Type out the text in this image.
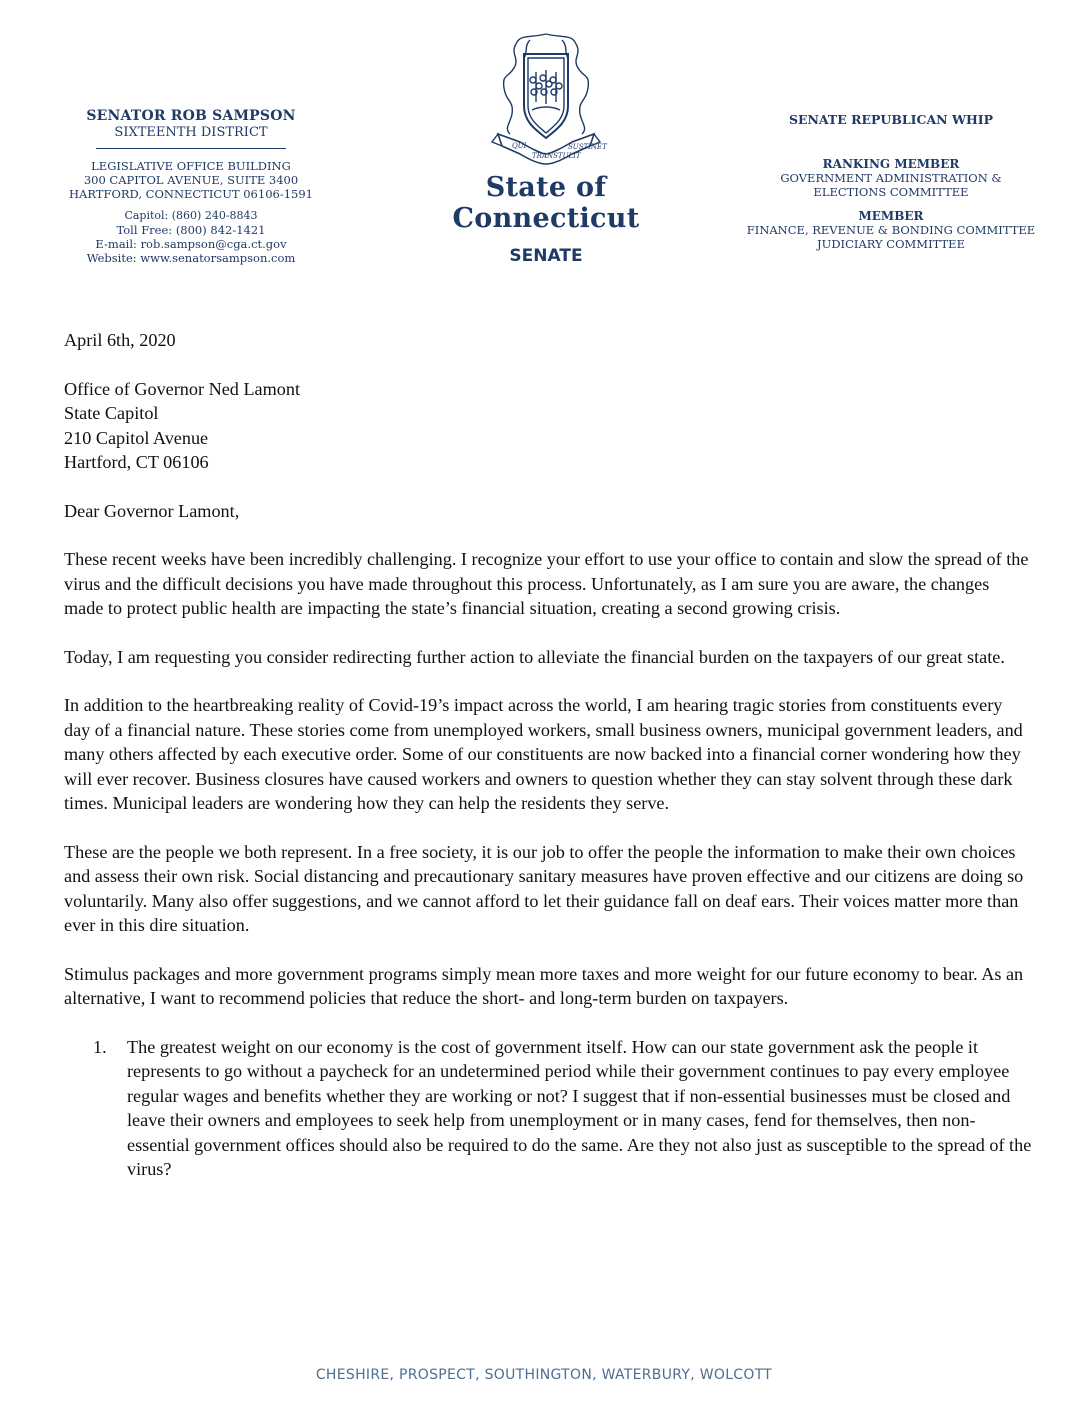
SENATOR ROB SAMPSON
SIXTEENTH DISTRICT
LEGISLATIVE OFFICE BUILDING
300 CAPITOL AVENUE, SUITE 3400
HARTFORD, CONNECTICUT 06106-1591
Capitol: (860) 240-8843
Toll Free: (800) 842-1421
E-mail: rob.sampson@cga.ct.gov
Website: www.senatorsampson.com
QUI
TRANSTULIT
SUSTINET
State of Connecticut
SENATE
SENATE REPUBLICAN WHIP
RANKING MEMBER
GOVERNMENT ADMINISTRATION &
ELECTIONS COMMITTEE
MEMBER
FINANCE, REVENUE & BONDING COMMITTEE
JUDICIARY COMMITTEE

April 6th, 2020

Office of Governor Ned Lamont

State Capitol

210 Capitol Avenue

Hartford, CT 06106

Dear Governor Lamont,

These recent weeks have been incredibly challenging. I recognize your effort to use your office to contain and slow the spread of the virus and the difficult decisions you have made throughout this process. Unfortunately, as I am sure you are aware, the changes made to protect public health are impacting the state’s financial situation, creating a second growing crisis.

Today, I am requesting you consider redirecting further action to alleviate the financial burden on the taxpayers of our great state.

In addition to the heartbreaking reality of Covid-19’s impact across the world, I am hearing tragic stories from constituents every day of a financial nature. These stories come from unemployed workers, small business owners, municipal government leaders, and many others affected by each executive order. Some of our constituents are now backed into a financial corner wondering how they will ever recover. Business closures have caused workers and owners to question whether they can stay solvent through these dark times. Municipal leaders are wondering how they can help the residents they serve.

These are the people we both represent. In a free society, it is our job to offer the people the information to make their own choices and assess their own risk. Social distancing and precautionary sanitary measures have proven effective and our citizens are doing so voluntarily. Many also offer suggestions, and we cannot afford to let their guidance fall on deaf ears. Their voices matter more than ever in this dire situation.

Stimulus packages and more government programs simply mean more taxes and more weight for our future economy to bear. As an alternative, I want to recommend policies that reduce the short- and long-term burden on taxpayers.

1.	The greatest weight on our economy is the cost of government itself. How can our state government ask the people it represents to go without a paycheck for an undetermined period while their government continues to pay every employee regular wages and benefits whether they are working or not? I suggest that if non-essential businesses must be closed and leave their owners and employees to seek help from unemployment or in many cases, fend for themselves, then non-essential government offices should also be required to do the same. Are they not also just as susceptible to the spread of the virus?
CHESHIRE, PROSPECT, SOUTHINGTON, WATERBURY, WOLCOTT
